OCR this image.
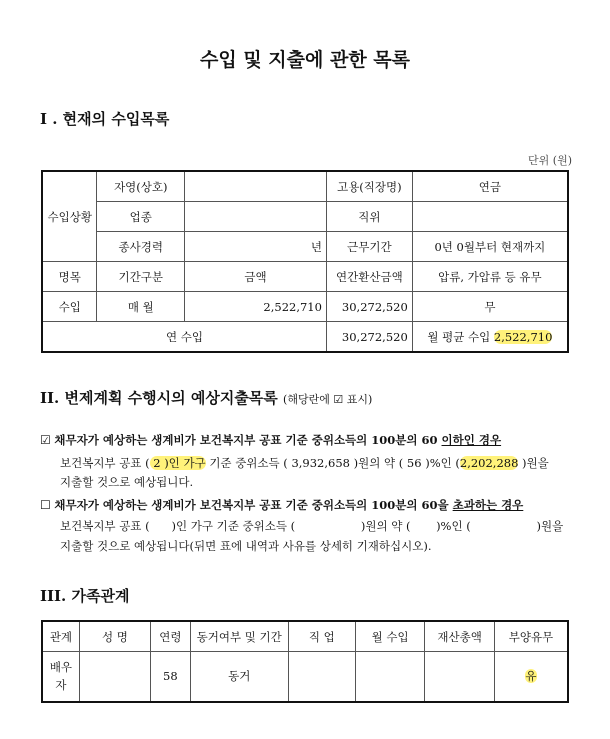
수입 및 지출에 관한 목록
I . 현재의 수입목록
단위 (원)
수입상황	자영(상호)		고용(직장명)	연금
	업종		직위	
	종사경력	년	근무기간	0년 0월부터 현재까지
명목	기간구분	금액	연간환산금액	압류, 가압류 등 유무
수입	매 월	2,522,710	30,272,520	무
연 수입			30,272,520	월 평균 수입 2,522,710
II. 변제계획 수행시의 예상지출목록 (해당란에 ☑ 표시)
☑ 채무자가 예상하는 생계비가 보건복지부 공표 기준 중위소득의 100분의 60 이하인 경우
보건복지부 공표 ( 2 )인 가구 기준 중위소득 ( 3,932,658 )원의 약 ( 56 )%인 (2,202,288 )원을
지출할 것으로 예상됩니다.
☐ 채무자가 예상하는 생계비가 보건복지부 공표 기준 중위소득의 100분의 60을 초과하는 경우
보건복지부 공표 (      )인 가구 기준 중위소득 (                  )원의 약 (       )%인 (                  )원을
지출할 것으로 예상됩니다(뒤면 표에 내역과 사유를 상세히 기재하십시오).
III. 가족관계
관계	성 명	연령	동거여부 및 기간	직 업	월 수입	재산총액	부양유무
배우자		58	동거				유
